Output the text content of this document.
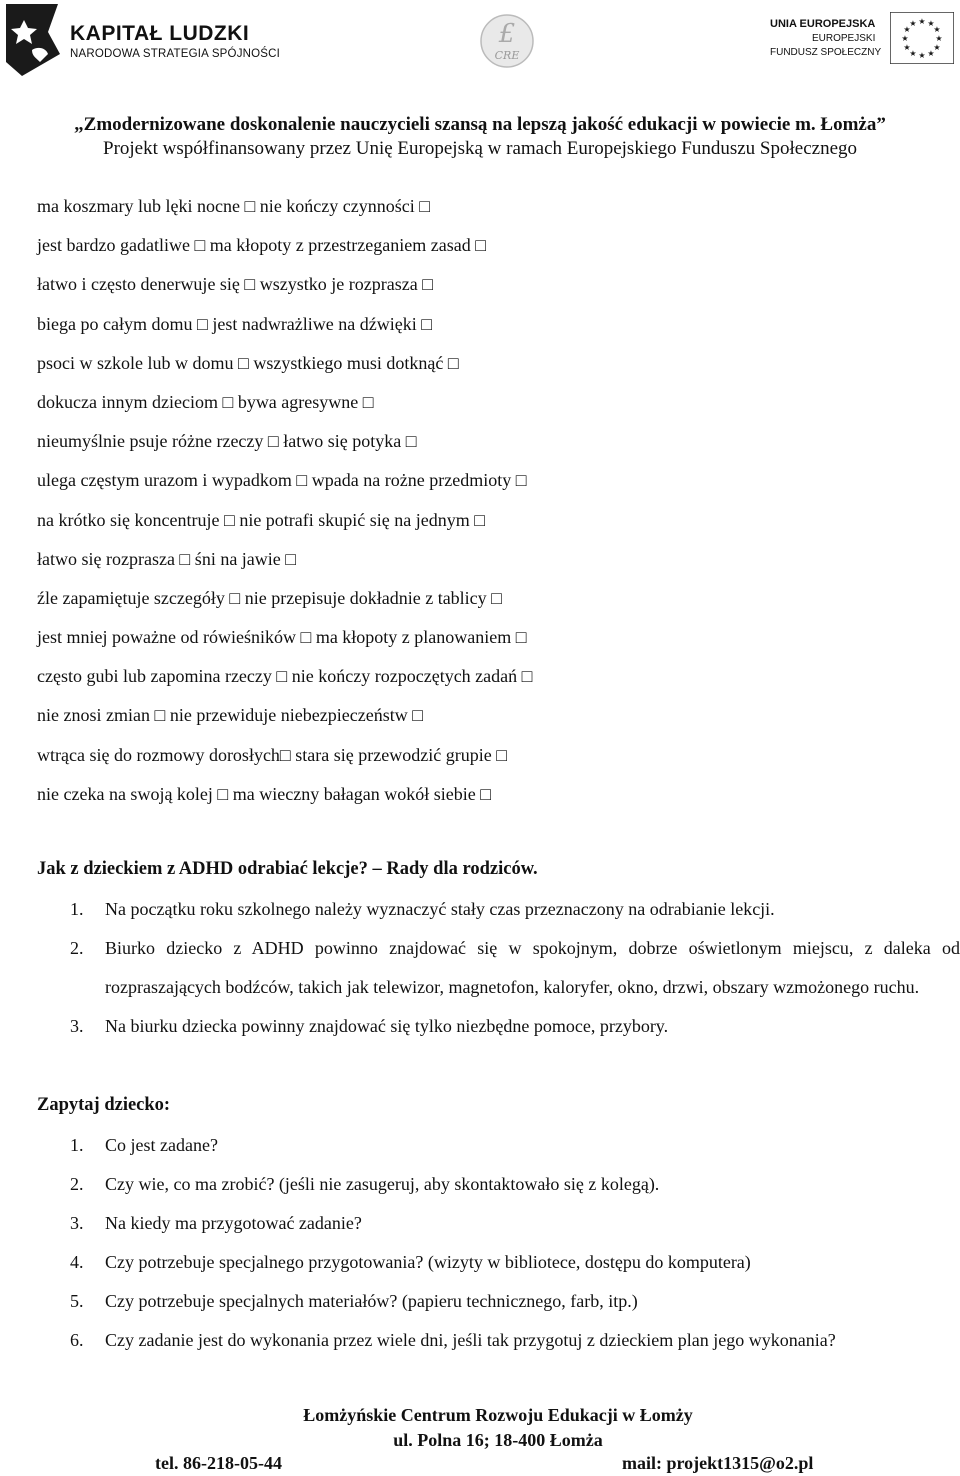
KAPITAŁ LUDZKI
NARODOWA STRATEGIA SPÓJNOŚCI
£
CRE
UNIA EUROPEJSKA
EUROPEJSKI
FUNDUSZ SPOŁECZNY
★ ★
★
★
★
★
★
★
★
★
★
★
„Zmodernizowane doskonalenie nauczycieli szansą na lepszą jakość edukacji w powiecie m. Łomża”
Projekt współfinansowany przez Unię Europejską w ramach Europejskiego Funduszu Społecznego
ma koszmary lub lęki nocne □ nie kończy czynności □
jest bardzo gadatliwe □ ma kłopoty z przestrzeganiem zasad □
łatwo i często denerwuje się □ wszystko je rozprasza □
biega po całym domu □ jest nadwrażliwe na dźwięki □
psoci w szkole lub w domu □ wszystkiego musi dotknąć □
dokucza innym dzieciom □ bywa agresywne □
nieumyślnie psuje różne rzeczy □ łatwo się potyka □
ulega częstym urazom i wypadkom □ wpada na rożne przedmioty □
na krótko się koncentruje □ nie potrafi skupić się na jednym □
łatwo się rozprasza □ śni na jawie □
źle zapamiętuje szczegóły □ nie przepisuje dokładnie z tablicy □
jest mniej poważne od rówieśników □ ma kłopoty z planowaniem □
często gubi lub zapomina rzeczy □ nie kończy rozpoczętych zadań □
nie znosi zmian □ nie przewiduje niebezpieczeństw □
wtrąca się do rozmowy dorosłych□ stara się przewodzić grupie □
nie czeka na swoją kolej □ ma wieczny bałagan wokół siebie □
Jak z dzieckiem z ADHD odrabiać lekcje? – Rady dla rodziców.
1. Na początku roku szkolnego należy wyznaczyć stały czas przeznaczony na odrabianie lekcji.
2. Biurko dziecko z ADHD powinno znajdować się w spokojnym, dobrze oświetlonym miejscu, z daleka od rozpraszających bodźców, takich jak telewizor, magnetofon, kaloryfer, okno, drzwi, obszary wzmożonego ruchu.
3. Na biurku dziecka powinny znajdować się tylko niezbędne pomoce, przybory.
Zapytaj dziecko:
1. Co jest zadane?
2. Czy wie, co ma zrobić? (jeśli nie zasugeruj, aby skontaktowało się z kolegą).
3. Na kiedy ma przygotować zadanie?
4. Czy potrzebuje specjalnego przygotowania? (wizyty w bibliotece, dostępu do komputera)
5. Czy potrzebuje specjalnych materiałów? (papieru technicznego, farb, itp.)
6. Czy zadanie jest do wykonania przez wiele dni, jeśli tak przygotuj z dzieckiem plan jego wykonania?
Łomżyńskie Centrum Rozwoju Edukacji w Łomży
ul. Polna 16; 18-400 Łomża
tel. 86-218-05-44	mail: projekt1315@o2.pl
